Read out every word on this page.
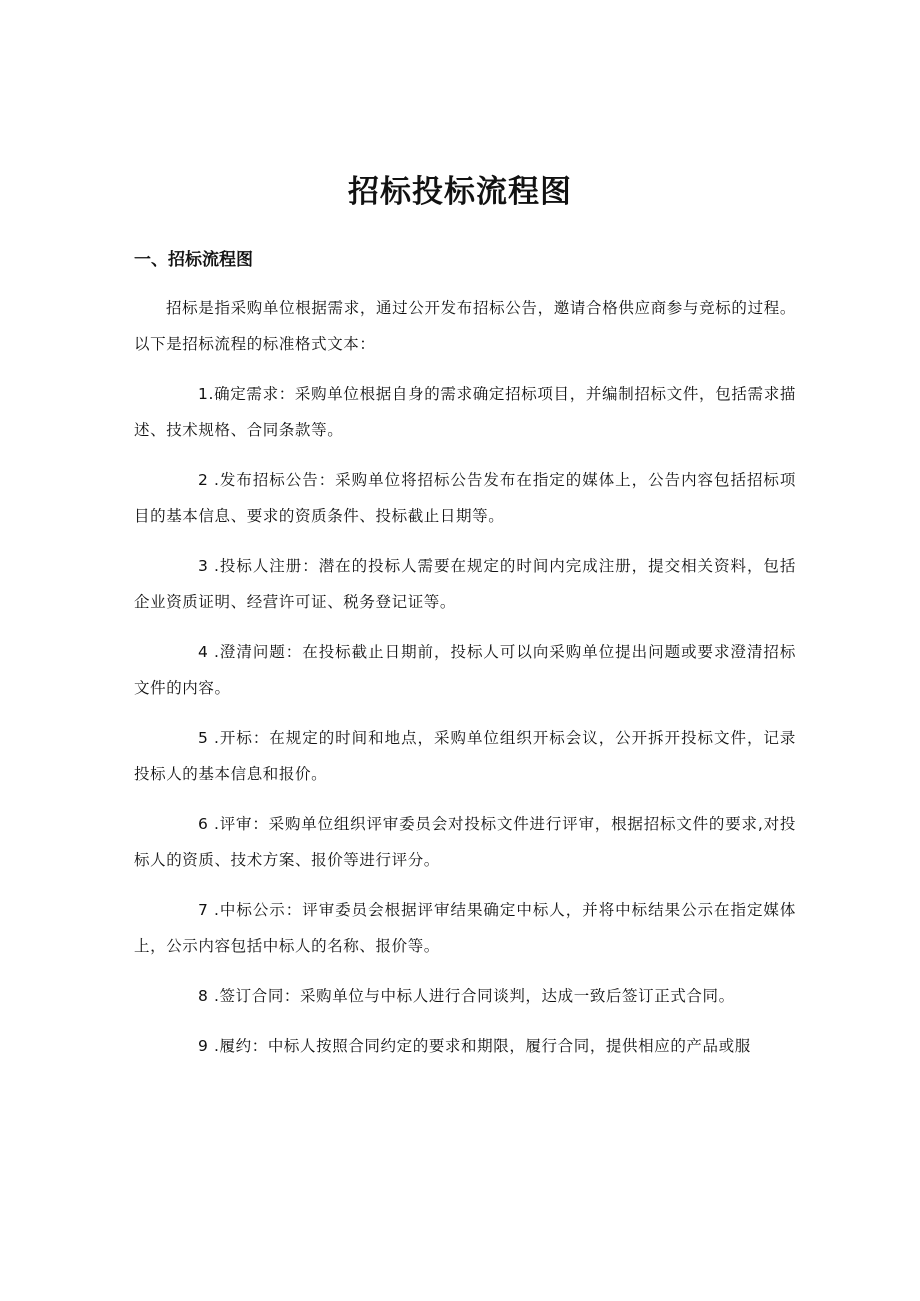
招标投标流程图
一、招标流程图

招标是指采购单位根据需求，通过公开发布招标公告，邀请合格供应商参与竞标的过程。以下是招标流程的标准格式文本：

1.确定需求：采购单位根据自身的需求确定招标项目，并编制招标文件，包括需求描述、技术规格、合同条款等。

2 .发布招标公告：采购单位将招标公告发布在指定的媒体上，公告内容包括招标项目的基本信息、要求的资质条件、投标截止日期等。

3 .投标人注册：潜在的投标人需要在规定的时间内完成注册，提交相关资料，包括企业资质证明、经营许可证、税务登记证等。

4 .澄清问题：在投标截止日期前，投标人可以向采购单位提出问题或要求澄清招标文件的内容。

5 .开标：在规定的时间和地点，采购单位组织开标会议，公开拆开投标文件，记录投标人的基本信息和报价。

6 .评审：采购单位组织评审委员会对投标文件进行评审，根据招标文件的要求,对投标人的资质、技术方案、报价等进行评分。

7 .中标公示：评审委员会根据评审结果确定中标人，并将中标结果公示在指定媒体上，公示内容包括中标人的名称、报价等。

8 .签订合同：采购单位与中标人进行合同谈判，达成一致后签订正式合同。

9 .履约：中标人按照合同约定的要求和期限，履行合同，提供相应的产品或服
